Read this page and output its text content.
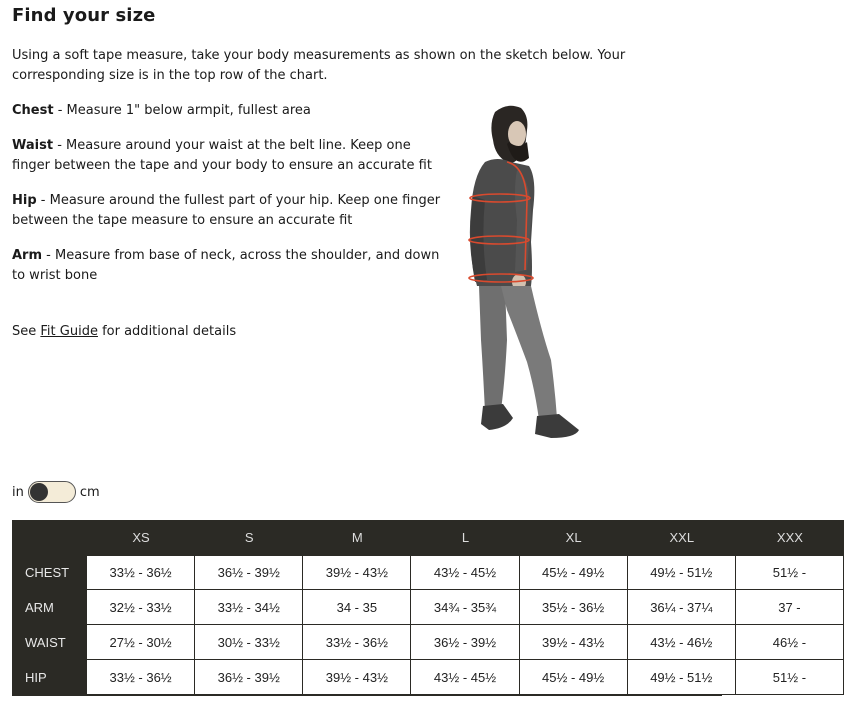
Find your size

Using a soft tape measure, take your body measurements as shown on the sketch below. Your corresponding size is in the top row of the chart.

Chest - Measure 1" below armpit, fullest area

Waist - Measure around your waist at the belt line. Keep one finger between the tape and your body to ensure an accurate fit

Hip - Measure around the fullest part of your hip. Keep one finger between the tape measure to ensure an accurate fit

Arm - Measure from base of neck, across the shoulder, and down to wrist bone

See Fit Guide for additional details

in	cm
	XS	S	M	L	XL	XXL	XXX
CHEST	33½ - 36½	36½ - 39½	39½ - 43½	43½ - 45½	45½ - 49½	49½ - 51½	51½ -
ARM	32½ - 33½	33½ - 34½	34 - 35	34¾ - 35¾	35½ - 36½	36¼ - 37¼	37 -
WAIST	27½ - 30½	30½ - 33½	33½ - 36½	36½ - 39½	39½ - 43½	43½ - 46½	46½ -
HIP	33½ - 36½	36½ - 39½	39½ - 43½	43½ - 45½	45½ - 49½	49½ - 51½	51½ -
